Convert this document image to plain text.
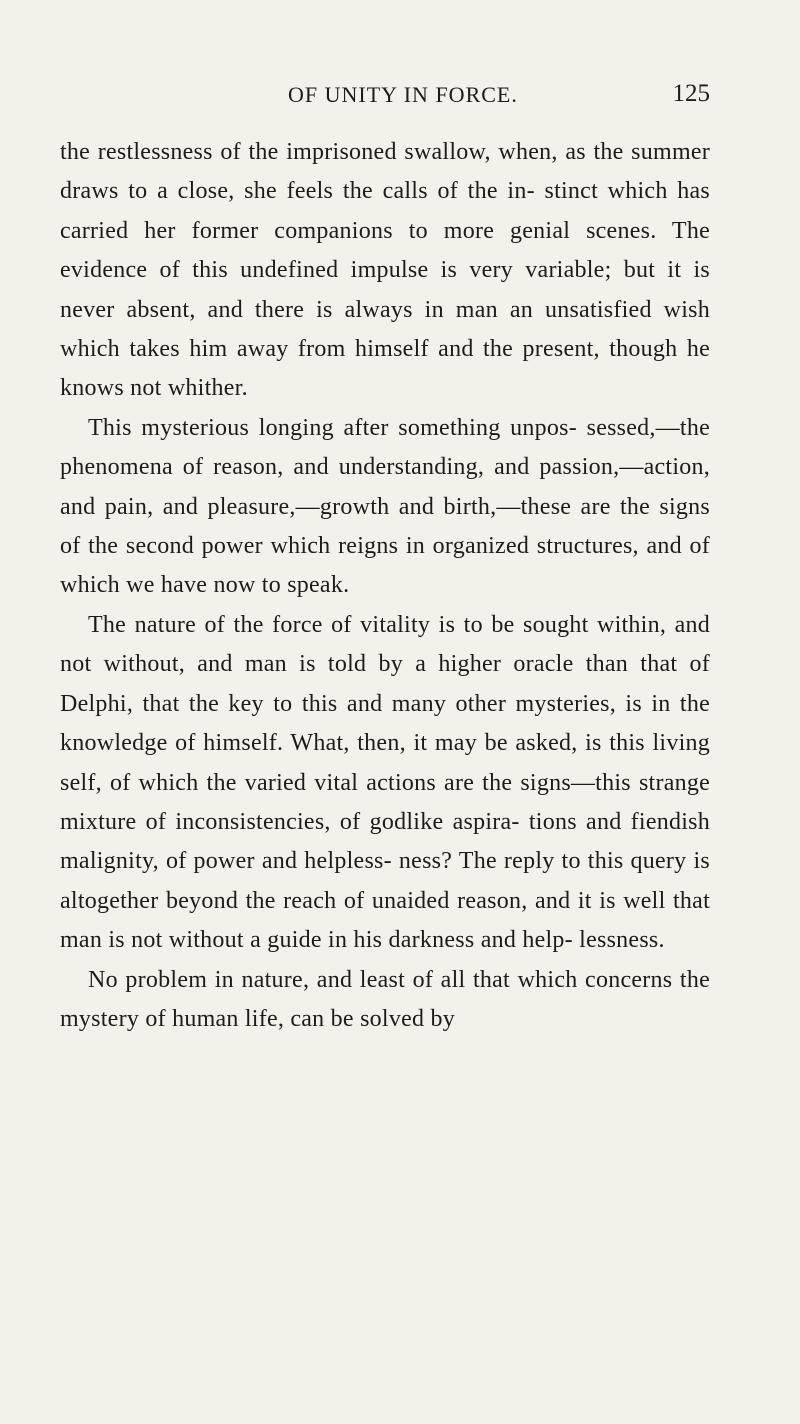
OF UNITY IN FORCE.	125

the restlessness of the imprisoned swallow, when, as the summer draws to a close, she feels the calls of the in- stinct which has carried her former companions to more genial scenes. The evidence of this undefined impulse is very variable; but it is never absent, and there is always in man an unsatisfied wish which takes him away from himself and the present, though he knows not whither.

This mysterious longing after something unpos- sessed,—the phenomena of reason, and understanding, and passion,—action, and pain, and pleasure,—growth and birth,—these are the signs of the second power which reigns in organized structures, and of which we have now to speak.

The nature of the force of vitality is to be sought within, and not without, and man is told by a higher oracle than that of Delphi, that the key to this and many other mysteries, is in the knowledge of himself. What, then, it may be asked, is this living self, of which the varied vital actions are the signs—this strange mixture of inconsistencies, of godlike aspira- tions and fiendish malignity, of power and helpless- ness? The reply to this query is altogether beyond the reach of unaided reason, and it is well that man is not without a guide in his darkness and help- lessness.

No problem in nature, and least of all that which concerns the mystery of human life, can be solved by
